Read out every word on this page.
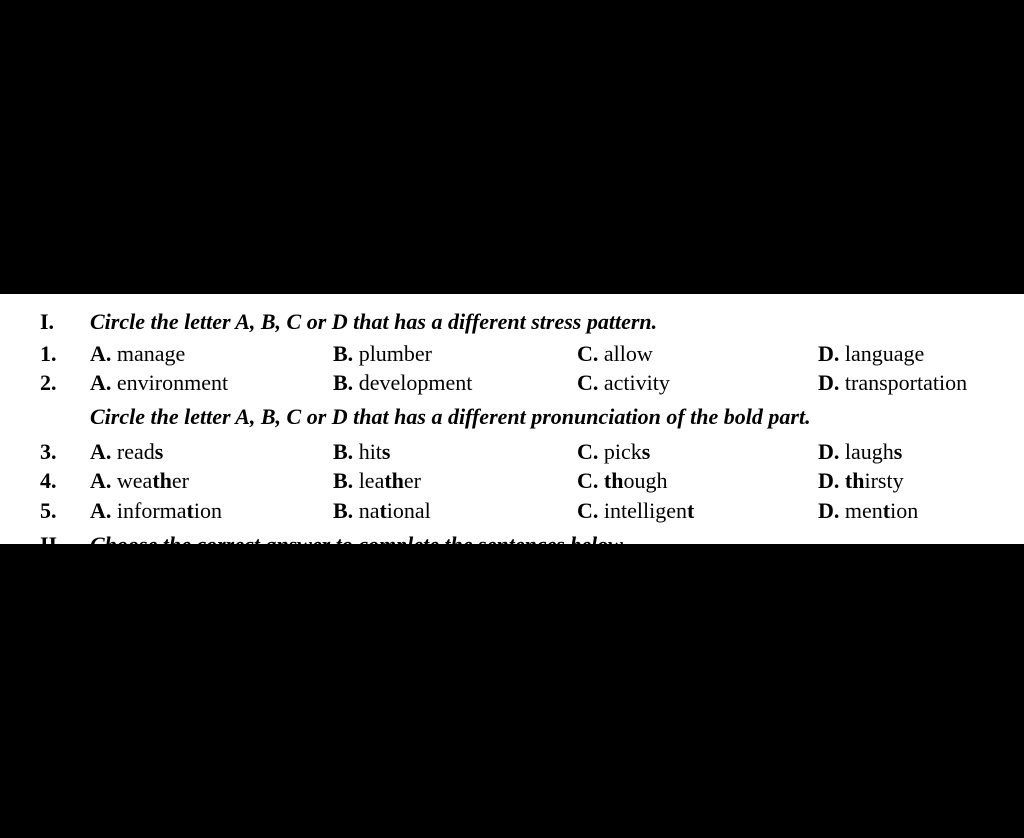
I. Circle the letter A, B, C or D that has a different stress pattern.
1. A. manage	B. plumber	C. allow	D. language
2. A. environment	B. development	C. activity	D. transportation
Circle the letter A, B, C or D that has a different pronunciation of the bold part.
3. A. reads	B. hits	C. picks	D. laughs
4. A. weather	B. leather	C. though	D. thirsty
5. A. information	B. national	C. intelligent	D. mention
II. Choose the correct answer to complete the sentences below.
